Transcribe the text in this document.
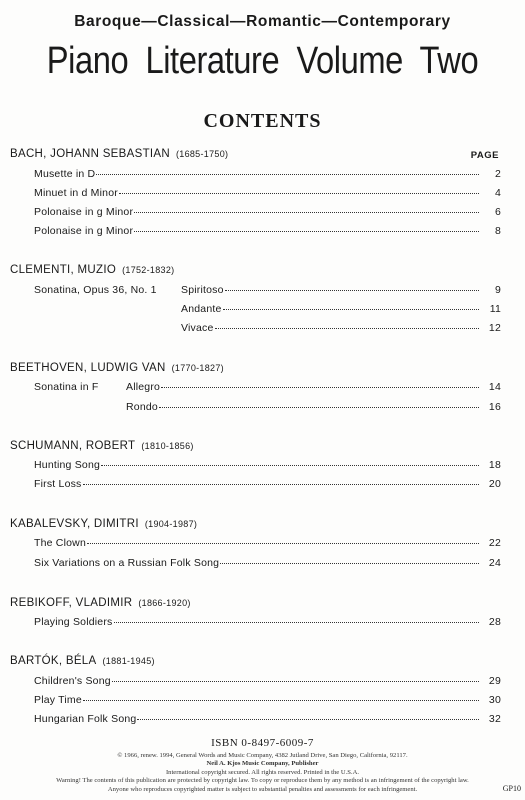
Baroque—Classical—Romantic—Contemporary
Piano Literature Volume Two
CONTENTS
PAGE
BACH, JOHANN SEBASTIAN (1685-1750)
Musette in D	2
Minuet in d Minor	4
Polonaise in g Minor	6
Polonaise in g Minor	8
CLEMENTI, MUZIO (1752-1832)
Sonatina, Opus 36, No. 1	Spiritoso	9
Andante	11
Vivace	12
BEETHOVEN, LUDWIG VAN (1770-1827)
Sonatina in F	Allegro	14
Rondo	16
SCHUMANN, ROBERT (1810-1856)
Hunting Song	18
First Loss	20
KABALEVSKY, DIMITRI (1904-1987)
The Clown	22
Six Variations on a Russian Folk Song	24
REBIKOFF, VLADIMIR (1866-1920)
Playing Soldiers	28
BARTÓK, BÉLA (1881-1945)
Children's Song	29
Play Time	30
Hungarian Folk Song	32
ISBN 0-8497-6009-7
© 1966, renew. 1994, General Words and Music Company, 4382 Jutland Drive, San Diego, California, 92117.
Neil A. Kjos Music Company, Publisher
International copyright secured. All rights reserved. Printed in the U.S.A.
Warning! The contents of this publication are protected by copyright law. To copy or reproduce them by any method is an infringement of the copyright law.
Anyone who reproduces copyrighted matter is subject to substantial penalties and assessments for each infringement.	GP10
